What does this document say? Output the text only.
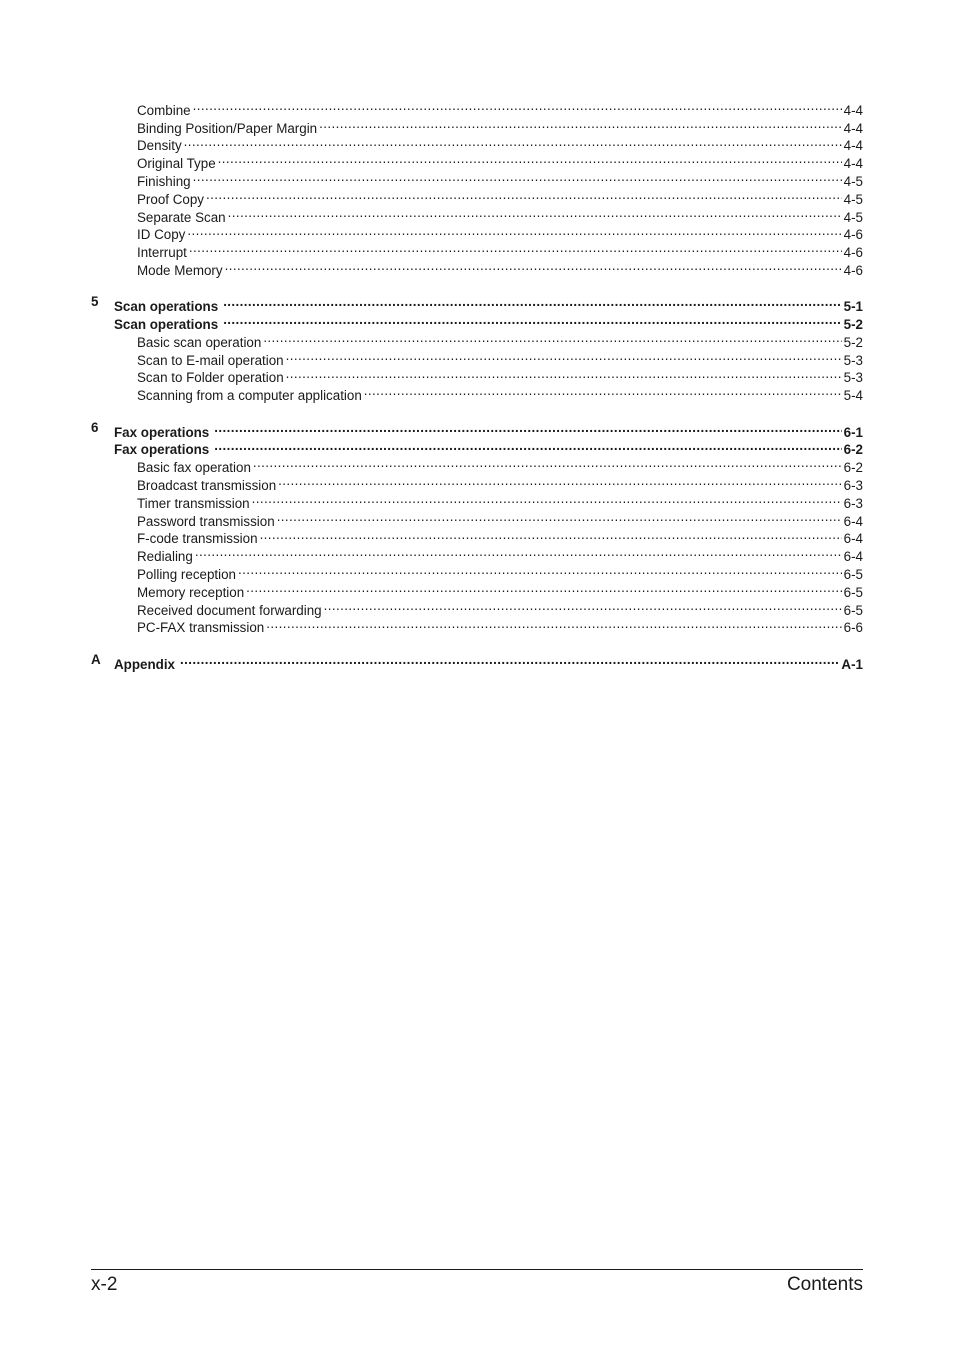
Combine .....	4-4
Binding Position/Paper Margin .....	4-4
Density .....	4-4
Original Type .....	4-4
Finishing .....	4-5
Proof Copy .....	4-5
Separate Scan .....	4-5
ID Copy .....	4-6
Interrupt .....	4-6
Mode Memory .....	4-6
5 Scan operations .....	5-1
Scan operations .....	5-2
Basic scan operation .....	5-2
Scan to E-mail operation .....	5-3
Scan to Folder operation .....	5-3
Scanning from a computer application .....	5-4
6 Fax operations .....	6-1
Fax operations .....	6-2
Basic fax operation .....	6-2
Broadcast transmission .....	6-3
Timer transmission .....	6-3
Password transmission .....	6-4
F-code transmission .....	6-4
Redialing .....	6-4
Polling reception .....	6-5
Memory reception .....	6-5
Received document forwarding .....	6-5
PC-FAX transmission .....	6-6
A Appendix .....	A-1
x-2	Contents
